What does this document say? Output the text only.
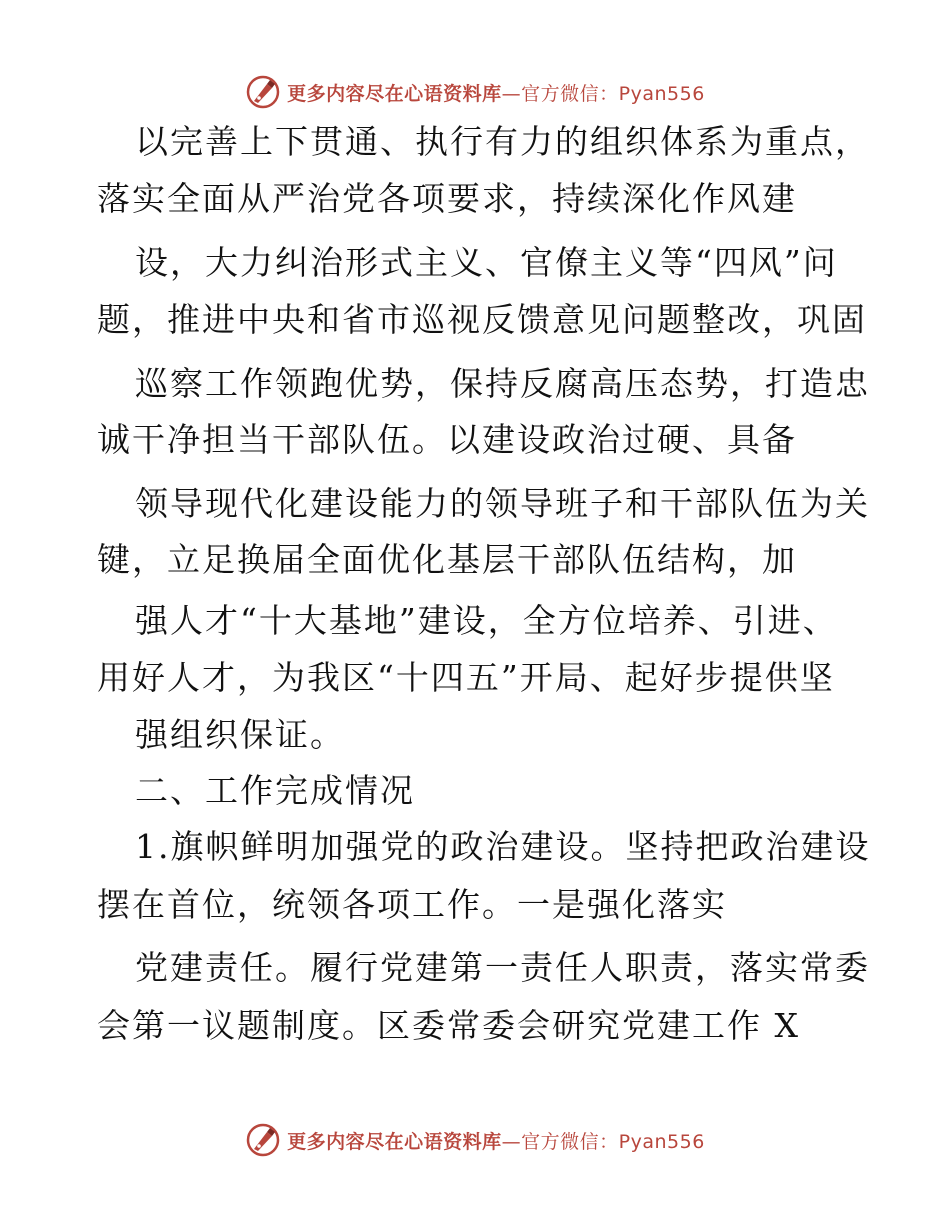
更多内容尽在心语资料库—官方微信：Pyan556
以完善上下贯通、执行有力的组织体系为重点，
落实全面从严治党各项要求，持续深化作风建
设，大力纠治形式主义、官僚主义等“四风”问
题，推进中央和省市巡视反馈意见问题整改，巩固
巡察工作领跑优势，保持反腐高压态势，打造忠
诚干净担当干部队伍。以建设政治过硬、具备
领导现代化建设能力的领导班子和干部队伍为关
键，立足换届全面优化基层干部队伍结构，加
强人才“十大基地”建设，全方位培养、引进、
用好人才，为我区“十四五”开局、起好步提供坚
强组织保证。
二、工作完成情况
1.旗帜鲜明加强党的政治建设。坚持把政治建设
摆在首位，统领各项工作。一是强化落实
党建责任。履行党建第一责任人职责，落实常委
会第一议题制度。区委常委会研究党建工作 X
更多内容尽在心语资料库—官方微信：Pyan556
